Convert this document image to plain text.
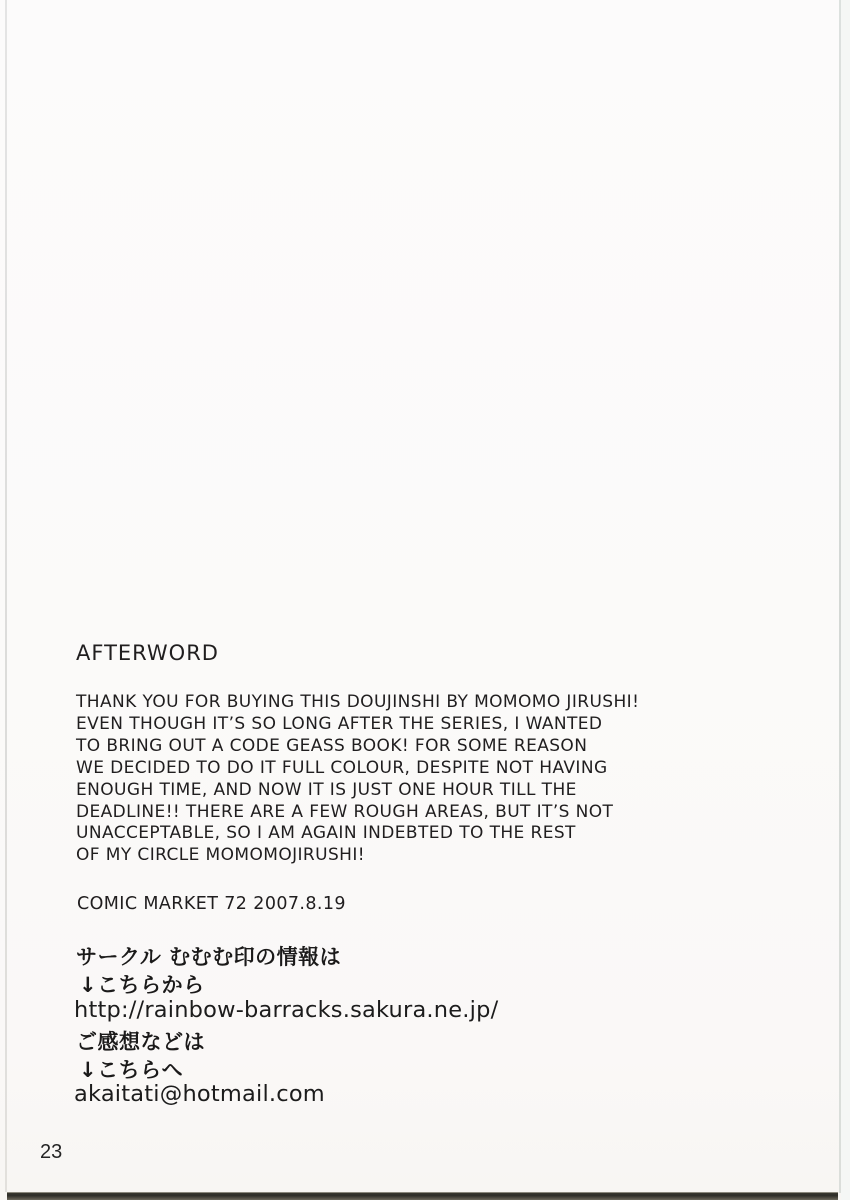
AFTERWORD
THANK YOU FOR BUYING THIS DOUJINSHI BY MOMOMO JIRUSHI!
EVEN THOUGH IT’S SO LONG AFTER THE SERIES, I WANTED
TO BRING OUT A CODE GEASS BOOK! FOR SOME REASON
WE DECIDED TO DO IT FULL COLOUR, DESPITE NOT HAVING
ENOUGH TIME, AND NOW IT IS JUST ONE HOUR TILL THE
DEADLINE!! THERE ARE A FEW ROUGH AREAS, BUT IT’S NOT
UNACCEPTABLE, SO I AM AGAIN INDEBTED TO THE REST
OF MY CIRCLE MOMOMOJIRUSHI!
COMIC MARKET 72 2007.8.19
サークル むむむ印の情報は
↓こちらから
http://rainbow-barracks.sakura.ne.jp/
ご感想などは
↓こちらへ
akaitati@hotmail.com
23
